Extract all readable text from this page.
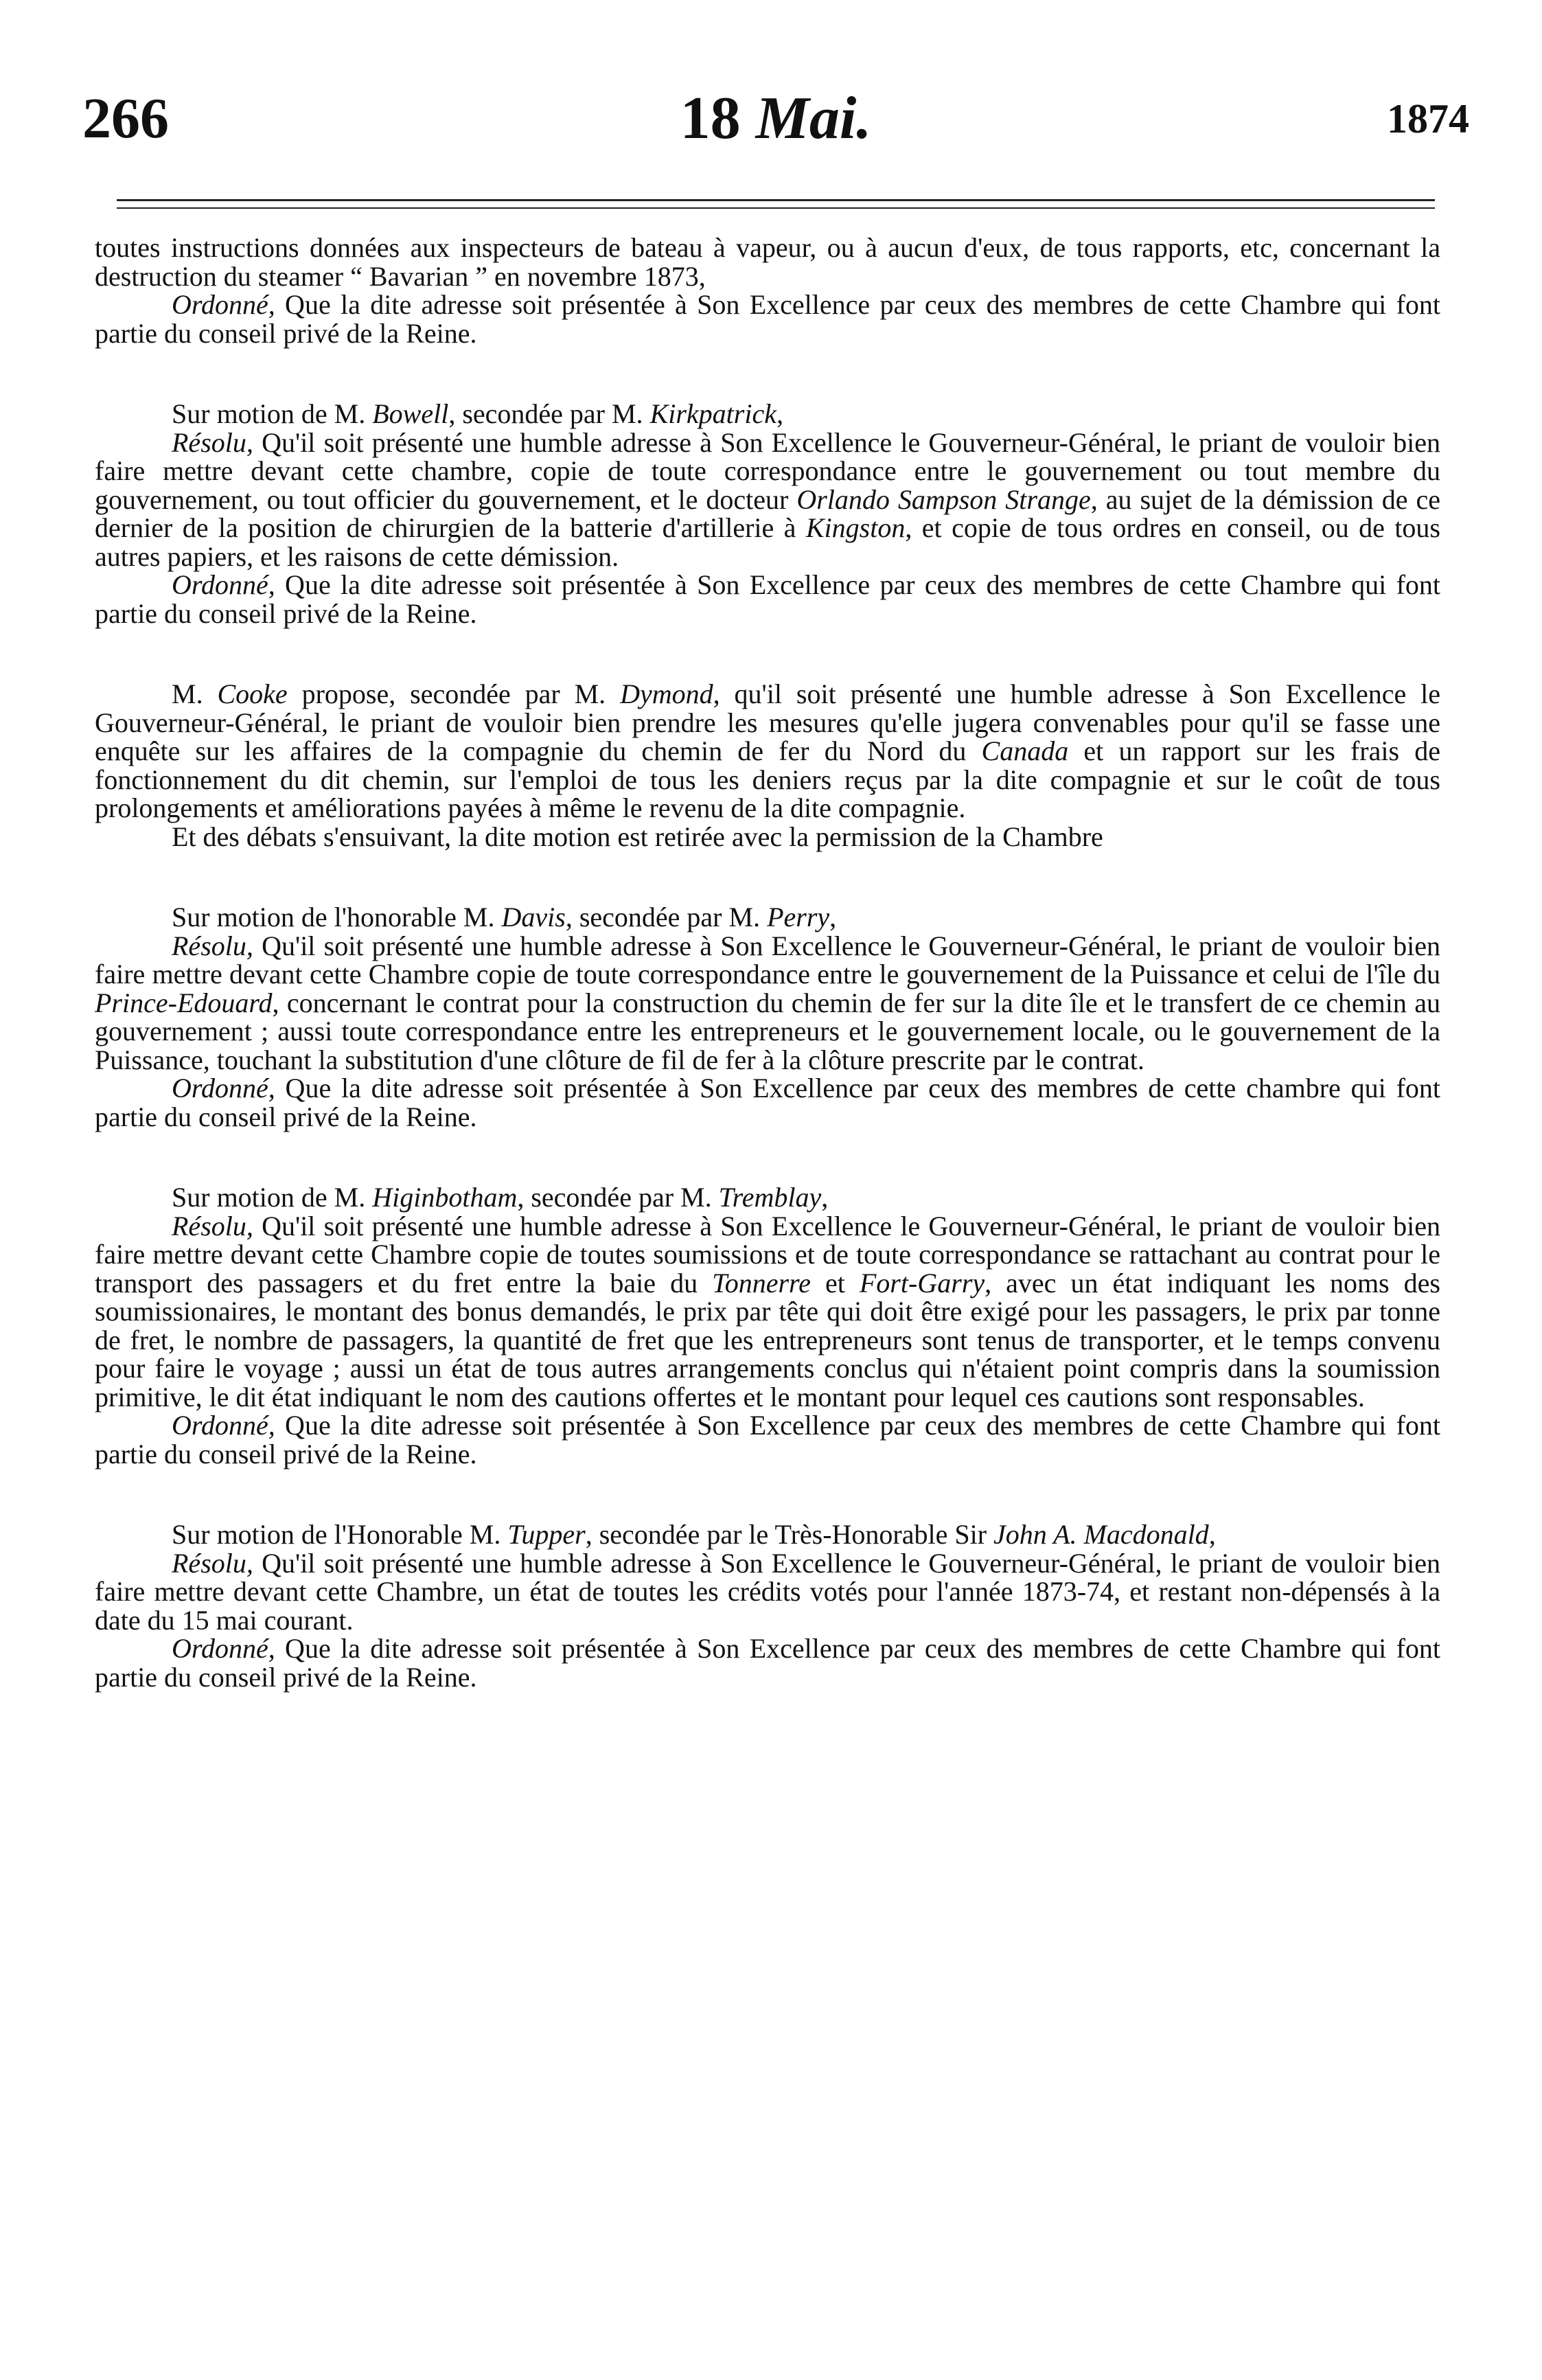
266	18 Mai.	1874

toutes instructions données aux inspecteurs de bateau à vapeur, ou à aucun d'eux, de tous rapports, etc, concernant la destruction du steamer “ Bavarian ” en novembre 1873,

Ordonné, Que la dite adresse soit présentée à Son Excellence par ceux des membres de cette Chambre qui font partie du conseil privé de la Reine.

Sur motion de M. Bowell, secondée par M. Kirkpatrick,

Résolu, Qu'il soit présenté une humble adresse à Son Excellence le Gouverneur-Général, le priant de vouloir bien faire mettre devant cette chambre, copie de toute correspondance entre le gouvernement ou tout membre du gouvernement, ou tout officier du gouvernement, et le docteur Orlando Sampson Strange, au sujet de la démission de ce dernier de la position de chirurgien de la batterie d'artillerie à Kingston, et copie de tous ordres en conseil, ou de tous autres papiers, et les raisons de cette démission.

Ordonné, Que la dite adresse soit présentée à Son Excellence par ceux des membres de cette Chambre qui font partie du conseil privé de la Reine.

M. Cooke propose, secondée par M. Dymond, qu'il soit présenté une humble adresse à Son Excellence le Gouverneur-Général, le priant de vouloir bien prendre les mesures qu'elle jugera convenables pour qu'il se fasse une enquête sur les affaires de la compagnie du chemin de fer du Nord du Canada et un rapport sur les frais de fonctionnement du dit chemin, sur l'emploi de tous les deniers reçus par la dite compagnie et sur le coût de tous prolongements et améliorations payées à même le revenu de la dite compagnie.

Et des débats s'ensuivant, la dite motion est retirée avec la permission de la Chambre

Sur motion de l'honorable M. Davis, secondée par M. Perry,

Résolu, Qu'il soit présenté une humble adresse à Son Excellence le Gouverneur-Général, le priant de vouloir bien faire mettre devant cette Chambre copie de toute correspondance entre le gouvernement de la Puissance et celui de l'île du Prince-Edouard, concernant le contrat pour la construction du chemin de fer sur la dite île et le transfert de ce chemin au gouvernement ; aussi toute correspondance entre les entrepreneurs et le gouvernement locale, ou le gouvernement de la Puissance, touchant la substitution d'une clôture de fil de fer à la clôture prescrite par le contrat.

Ordonné, Que la dite adresse soit présentée à Son Excellence par ceux des membres de cette chambre qui font partie du conseil privé de la Reine.

Sur motion de M. Higinbotham, secondée par M. Tremblay,

Résolu, Qu'il soit présenté une humble adresse à Son Excellence le Gouverneur-Général, le priant de vouloir bien faire mettre devant cette Chambre copie de toutes soumissions et de toute correspondance se rattachant au contrat pour le transport des passagers et du fret entre la baie du Tonnerre et Fort-Garry, avec un état indiquant les noms des soumissionaires, le montant des bonus demandés, le prix par tête qui doit être exigé pour les passagers, le prix par tonne de fret, le nombre de passagers, la quantité de fret que les entrepreneurs sont tenus de transporter, et le temps convenu pour faire le voyage ; aussi un état de tous autres arrangements conclus qui n'étaient point compris dans la soumission primitive, le dit état indiquant le nom des cautions offertes et le montant pour lequel ces cautions sont responsables.

Ordonné, Que la dite adresse soit présentée à Son Excellence par ceux des membres de cette Chambre qui font partie du conseil privé de la Reine.

Sur motion de l'Honorable M. Tupper, secondée par le Très-Honorable Sir John A. Macdonald,

Résolu, Qu'il soit présenté une humble adresse à Son Excellence le Gouverneur-Général, le priant de vouloir bien faire mettre devant cette Chambre, un état de toutes les crédits votés pour l'année 1873-74, et restant non-dépensés à la date du 15 mai courant.

Ordonné, Que la dite adresse soit présentée à Son Excellence par ceux des membres de cette Chambre qui font partie du conseil privé de la Reine.
